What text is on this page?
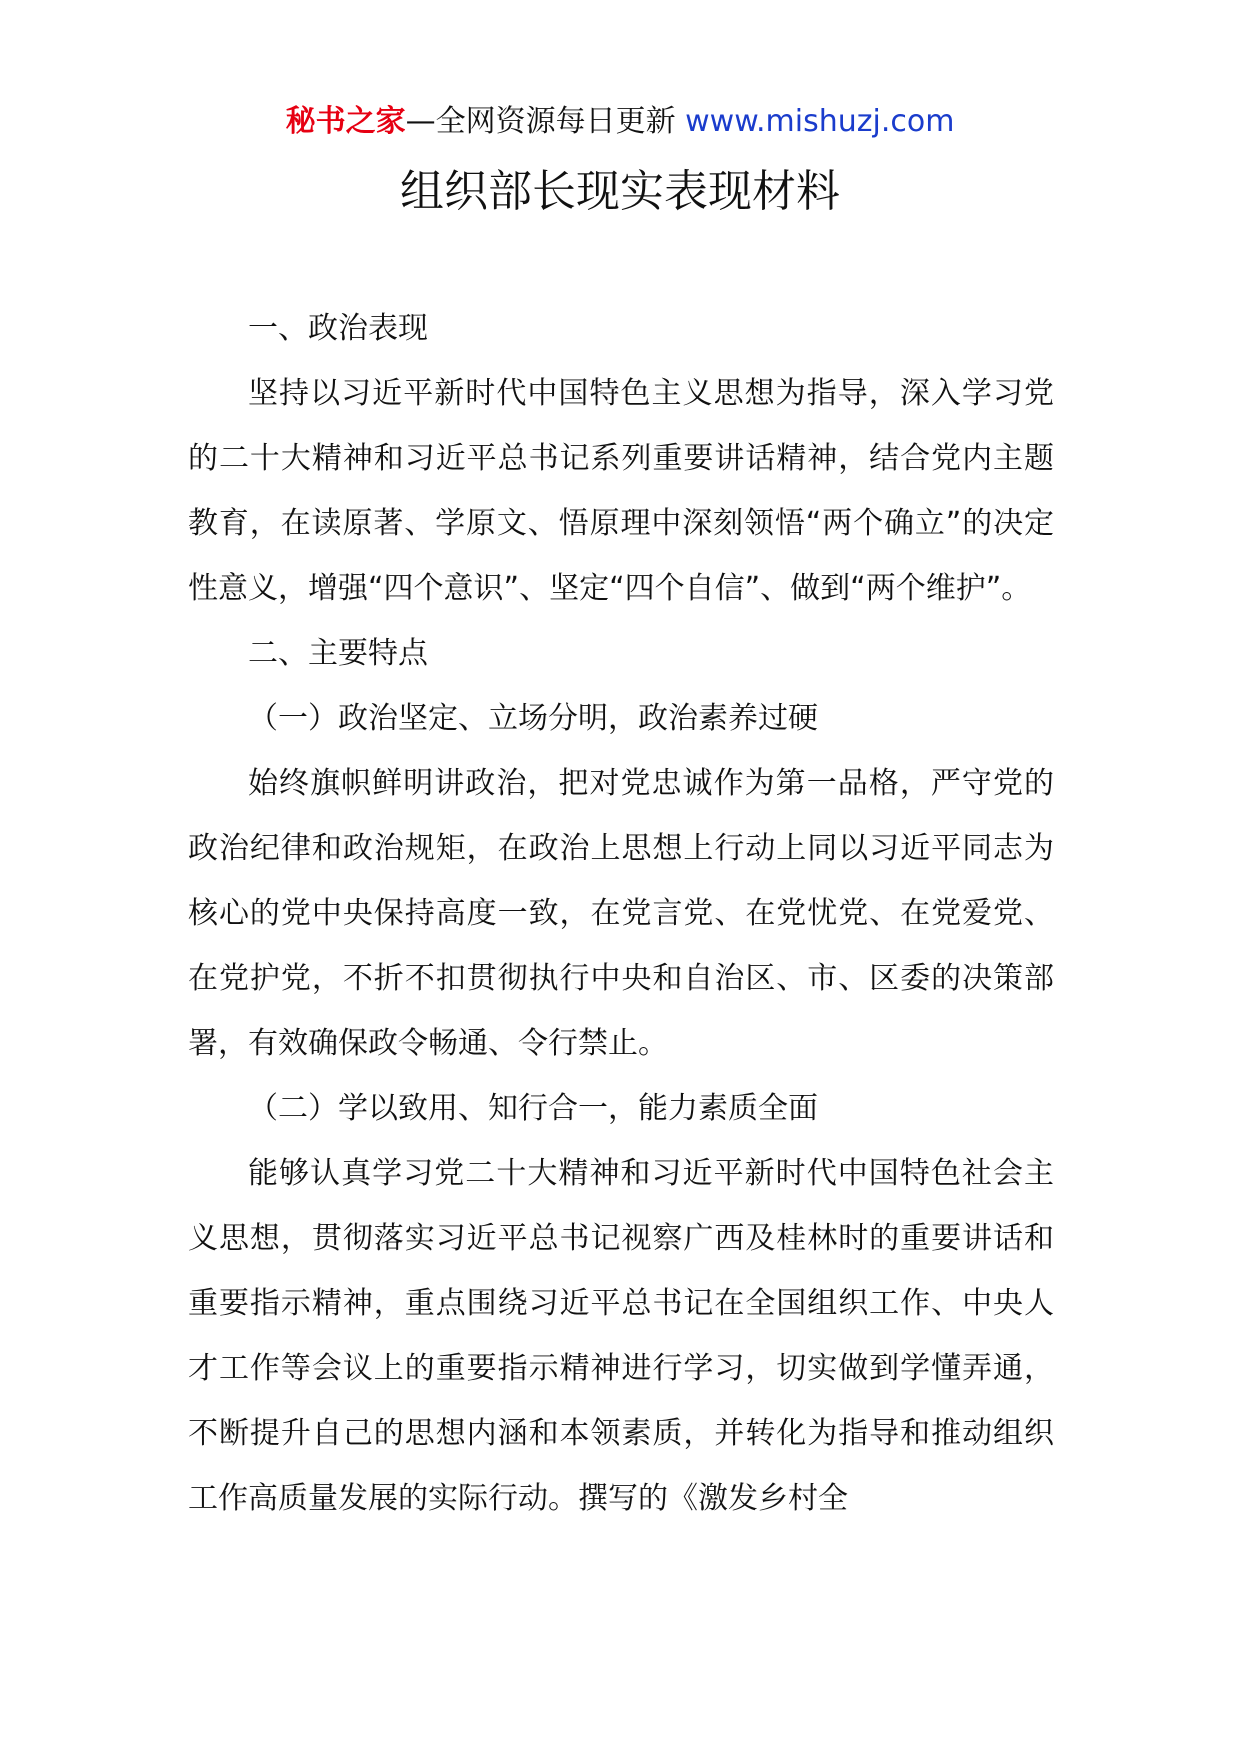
秘书之家—全网资源每日更新 www.mishuzj.com
组织部长现实表现材料

一、政治表现

坚持以习近平新时代中国特色主义思想为指导，深入学习党的二十大精神和习近平总书记系列重要讲话精神，结合党内主题教育，在读原著、学原文、悟原理中深刻领悟“两个确立”的决定性意义，增强“四个意识”、坚定“四个自信”、做到“两个维护”。

二、主要特点

（一）政治坚定、立场分明，政治素养过硬

始终旗帜鲜明讲政治，把对党忠诚作为第一品格，严守党的政治纪律和政治规矩，在政治上思想上行动上同以习近平同志为核心的党中央保持高度一致，在党言党、在党忧党、在党爱党、在党护党，不折不扣贯彻执行中央和自治区、市、区委的决策部署，有效确保政令畅通、令行禁止。

（二）学以致用、知行合一，能力素质全面

能够认真学习党二十大精神和习近平新时代中国特色社会主义思想，贯彻落实习近平总书记视察广西及桂林时的重要讲话和重要指示精神，重点围绕习近平总书记在全国组织工作、中央人才工作等会议上的重要指示精神进行学习，切实做到学懂弄通，不断提升自己的思想内涵和本领素质，并转化为指导和推动组织工作高质量发展的实际行动。撰写的《激发乡村全
